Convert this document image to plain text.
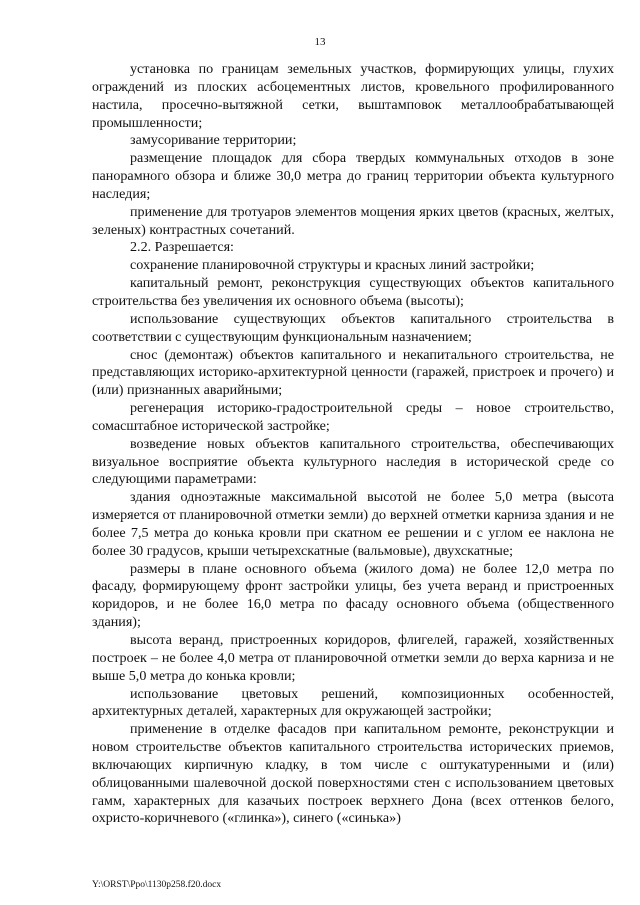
13

установка по границам земельных участков, формирующих улицы, глухих ограждений из плоских асбоцементных листов, кровельного профилированного настила, просечно-вытяжной сетки, выштамповок металлообрабатывающей промышленности;

замусоривание территории;

размещение площадок для сбора твердых коммунальных отходов в зоне панорамного обзора и ближе 30,0 метра до границ территории объекта культурного наследия;

применение для тротуаров элементов мощения ярких цветов (красных, желтых, зеленых) контрастных сочетаний.

2.2. Разрешается:

сохранение планировочной структуры и красных линий застройки;

капитальный ремонт, реконструкция существующих объектов капитального строительства без увеличения их основного объема (высоты);

использование существующих объектов капитального строительства в соответствии с существующим функциональным назначением;

снос (демонтаж) объектов капитального и некапитального строительства, не представляющих историко-архитектурной ценности (гаражей, пристроек и прочего) и (или) признанных аварийными;

регенерация историко-градостроительной среды – новое строительство, сомасштабное исторической застройке;

возведение новых объектов капитального строительства, обеспечивающих визуальное восприятие объекта культурного наследия в исторической среде со следующими параметрами:

здания одноэтажные максимальной высотой не более 5,0 метра (высота измеряется от планировочной отметки земли) до верхней отметки карниза здания и не более 7,5 метра до конька кровли при скатном ее решении и с углом ее наклона не более 30 градусов, крыши четырехскатные (вальмовые), двухскатные;

размеры в плане основного объема (жилого дома) не более 12,0 метра по фасаду, формирующему фронт застройки улицы, без учета веранд и пристроенных коридоров, и не более 16,0 метра по фасаду основного объема (общественного здания);

высота веранд, пристроенных коридоров, флигелей, гаражей, хозяйственных построек – не более 4,0 метра от планировочной отметки земли до верха карниза и не выше 5,0 метра до конька кровли;

использование цветовых решений, композиционных особенностей, архитектурных деталей, характерных для окружающей застройки;

применение в отделке фасадов при капитальном ремонте, реконструкции и новом строительстве объектов капитального строительства исторических приемов, включающих кирпичную кладку, в том числе с оштукатуренными и (или) облицованными шалевочной доской поверхностями стен с использованием цветовых гамм, характерных для казачьих построек верхнего Дона (всех оттенков белого, охристо-коричневого («глинка»), синего («синька»)

Y:\ORST\Ppo\1130p258.f20.docx
